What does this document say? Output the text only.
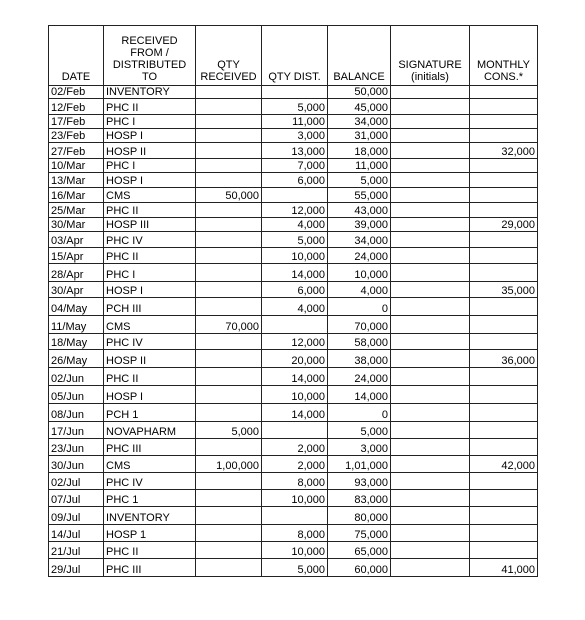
DATE	RECEIVED FROM / DISTRIBUTED TO	QTY RECEIVED	QTY DIST.	BALANCE	SIGNATURE (initials)	MONTHLY CONS.*
02/Feb	INVENTORY			50,000		
12/Feb	PHC II		5,000	45,000		
17/Feb	PHC I		11,000	34,000		
23/Feb	HOSP I		3,000	31,000		
27/Feb	HOSP II		13,000	18,000		32,000
10/Mar	PHC I		7,000	11,000		
13/Mar	HOSP I		6,000	5,000		
16/Mar	CMS	50,000		55,000		
25/Mar	PHC II		12,000	43,000		
30/Mar	HOSP III		4,000	39,000		29,000
03/Apr	PHC IV		5,000	34,000		
15/Apr	PHC II		10,000	24,000		
28/Apr	PHC I		14,000	10,000		
30/Apr	HOSP I		6,000	4,000		35,000
04/May	PCH III		4,000	0		
11/May	CMS	70,000		70,000		
18/May	PHC IV		12,000	58,000		
26/May	HOSP II		20,000	38,000		36,000
02/Jun	PHC II		14,000	24,000		
05/Jun	HOSP I		10,000	14,000		
08/Jun	PCH 1		14,000	0		
17/Jun	NOVAPHARM	5,000		5,000		
23/Jun	PHC III		2,000	3,000		
30/Jun	CMS	1,00,000	2,000	1,01,000		42,000
02/Jul	PHC IV		8,000	93,000		
07/Jul	PHC 1		10,000	83,000		
09/Jul	INVENTORY			80,000		
14/Jul	HOSP 1		8,000	75,000		
21/Jul	PHC II		10,000	65,000		
29/Jul	PHC III		5,000	60,000		41,000
